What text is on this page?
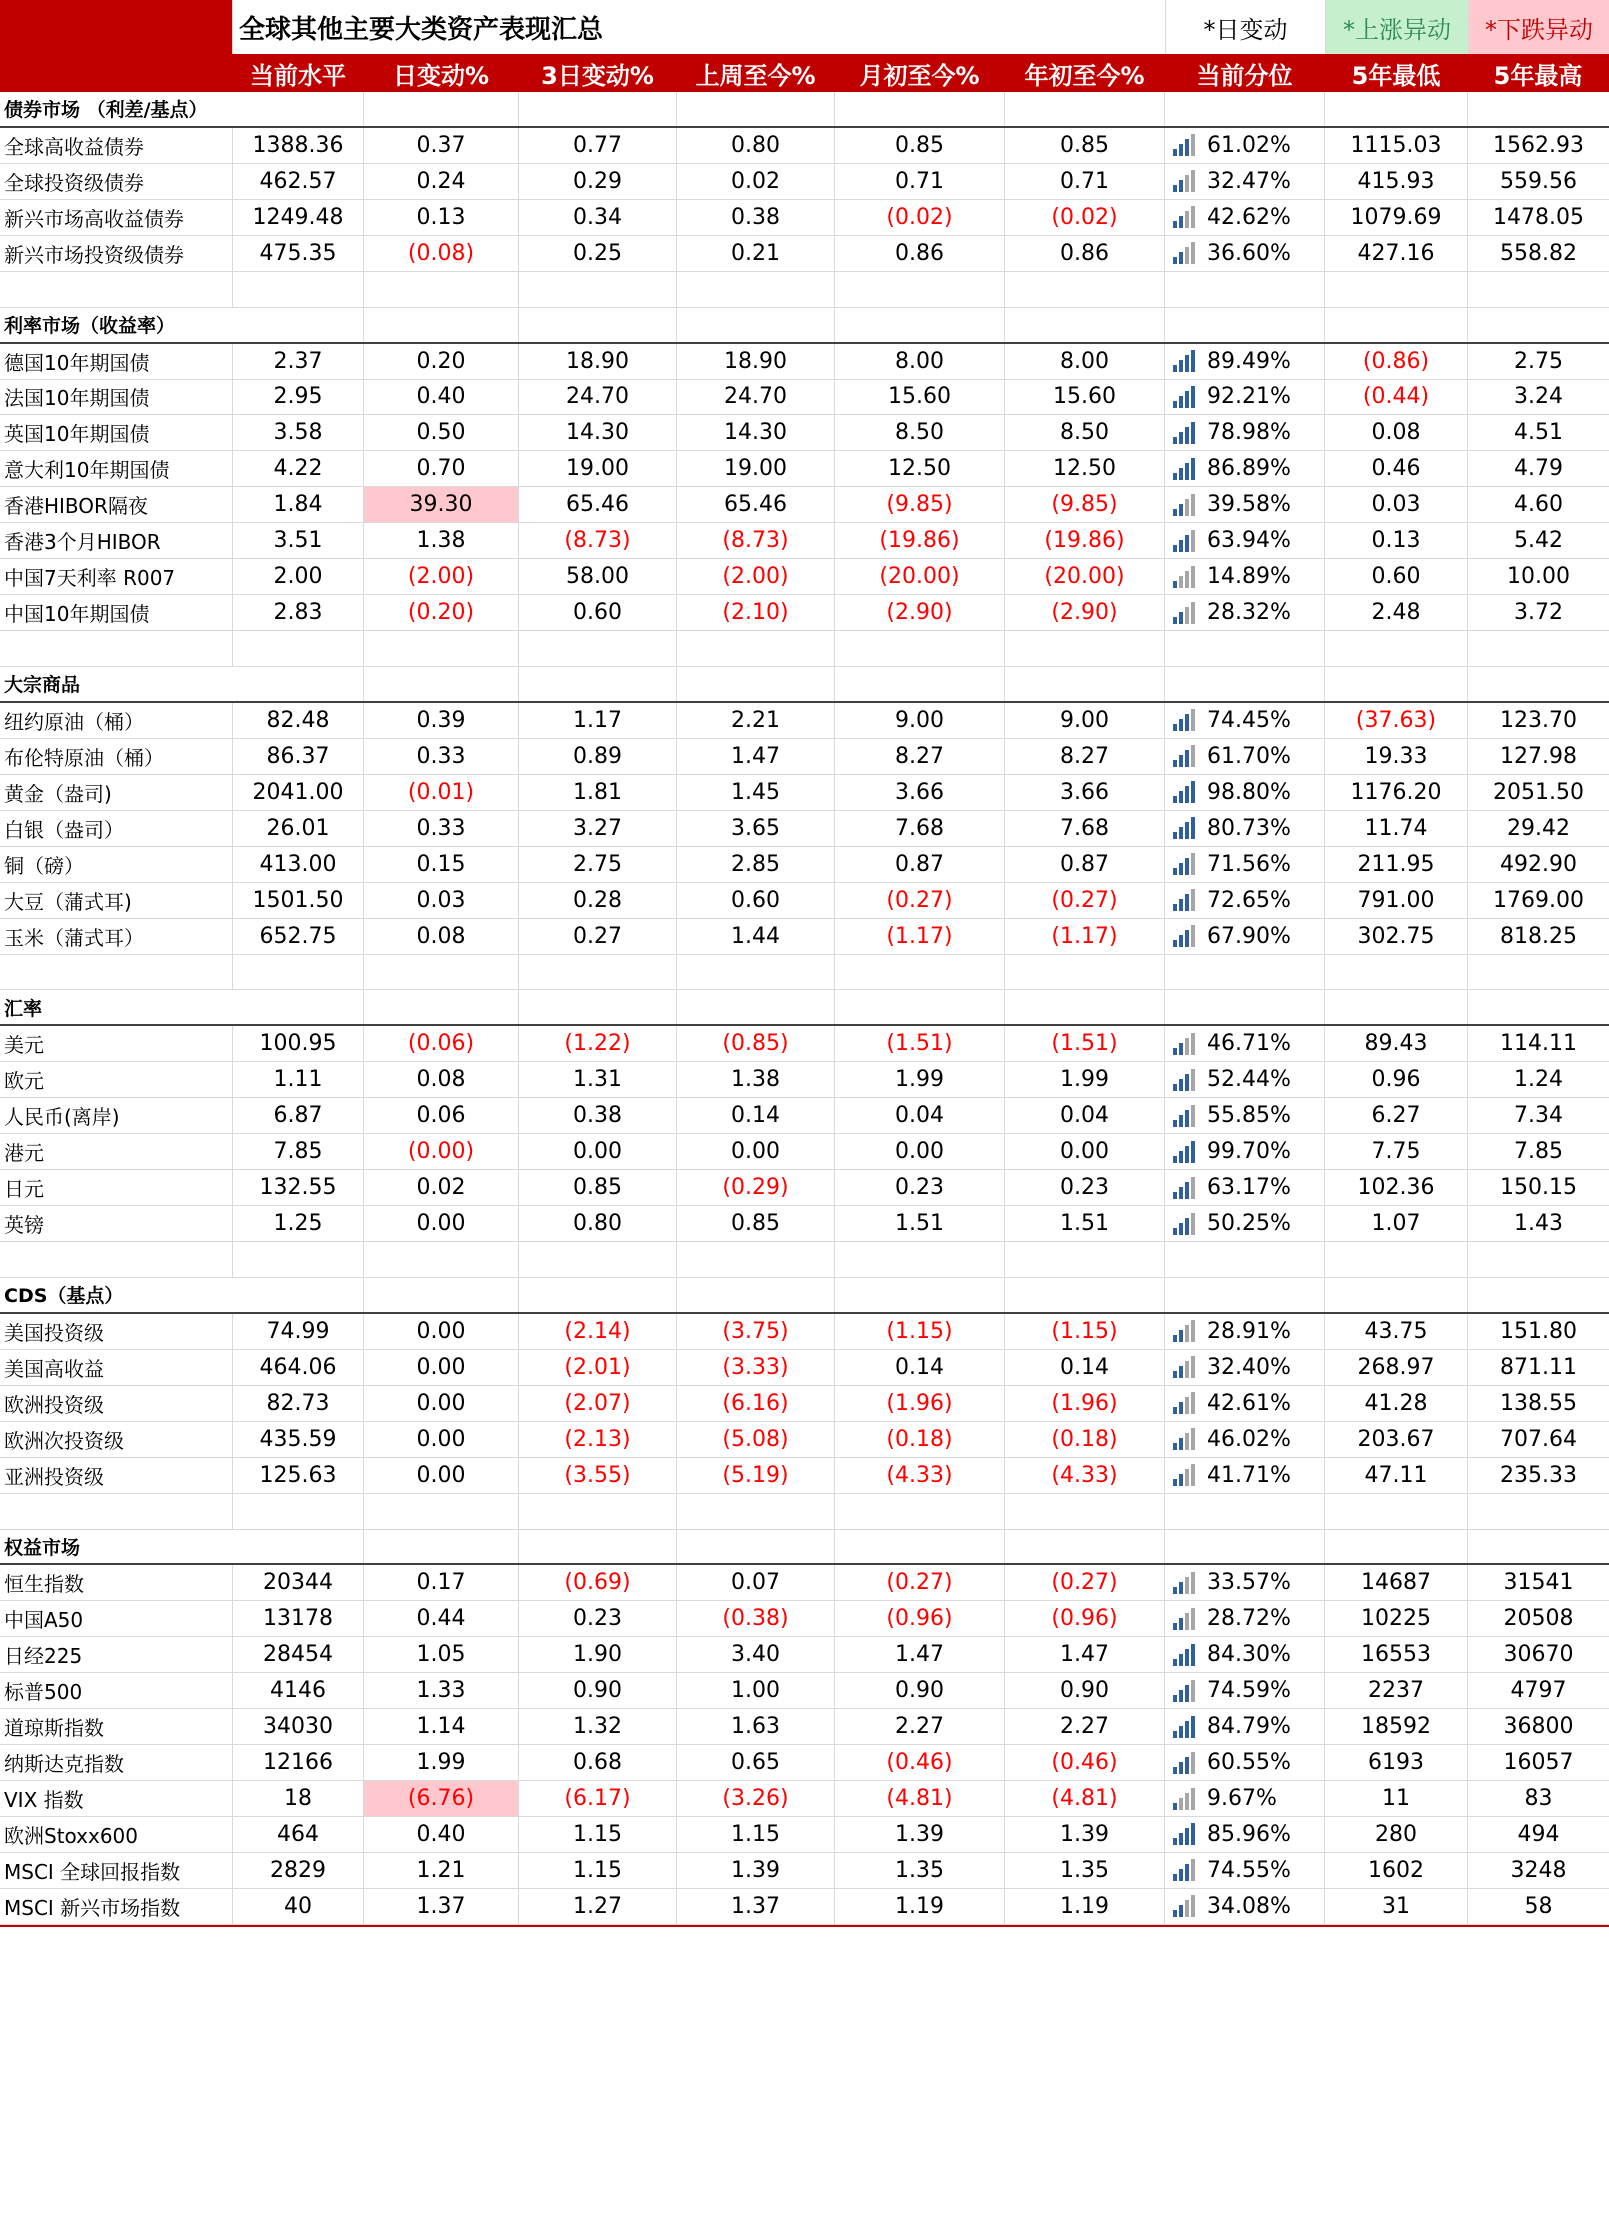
全球其他主要大类资产表现汇总	*日变动	*上涨异动	*下跌异动
当前水平	日变动%	3日变动%	上周至今%	月初至今%	年初至今%	当前分位	5年最低	5年最高
债券市场 （利差/基点）
全球高收益债券	1388.36	0.37	0.77	0.80	0.85	0.85	61.02%	1115.03	1562.93
全球投资级债券	462.57	0.24	0.29	0.02	0.71	0.71	32.47%	415.93	559.56
新兴市场高收益债券	1249.48	0.13	0.34	0.38	(0.02)	(0.02)	42.62%	1079.69	1478.05
新兴市场投资级债券	475.35	(0.08)	0.25	0.21	0.86	0.86	36.60%	427.16	558.82
利率市场（收益率）
德国10年期国债	2.37	0.20	18.90	18.90	8.00	8.00	89.49%	(0.86)	2.75
法国10年期国债	2.95	0.40	24.70	24.70	15.60	15.60	92.21%	(0.44)	3.24
英国10年期国债	3.58	0.50	14.30	14.30	8.50	8.50	78.98%	0.08	4.51
意大利10年期国债	4.22	0.70	19.00	19.00	12.50	12.50	86.89%	0.46	4.79
香港HIBOR隔夜	1.84	39.30	65.46	65.46	(9.85)	(9.85)	39.58%	0.03	4.60
香港3个月HIBOR	3.51	1.38	(8.73)	(8.73)	(19.86)	(19.86)	63.94%	0.13	5.42
中国7天利率 R007	2.00	(2.00)	58.00	(2.00)	(20.00)	(20.00)	14.89%	0.60	10.00
中国10年期国债	2.83	(0.20)	0.60	(2.10)	(2.90)	(2.90)	28.32%	2.48	3.72
大宗商品
纽约原油（桶）	82.48	0.39	1.17	2.21	9.00	9.00	74.45%	(37.63)	123.70
布伦特原油（桶）	86.37	0.33	0.89	1.47	8.27	8.27	61.70%	19.33	127.98
黄金（盎司)	2041.00	(0.01)	1.81	1.45	3.66	3.66	98.80%	1176.20	2051.50
白银（盎司）	26.01	0.33	3.27	3.65	7.68	7.68	80.73%	11.74	29.42
铜（磅）	413.00	0.15	2.75	2.85	0.87	0.87	71.56%	211.95	492.90
大豆（蒲式耳)	1501.50	0.03	0.28	0.60	(0.27)	(0.27)	72.65%	791.00	1769.00
玉米（蒲式耳）	652.75	0.08	0.27	1.44	(1.17)	(1.17)	67.90%	302.75	818.25
汇率
美元	100.95	(0.06)	(1.22)	(0.85)	(1.51)	(1.51)	46.71%	89.43	114.11
欧元	1.11	0.08	1.31	1.38	1.99	1.99	52.44%	0.96	1.24
人民币(离岸)	6.87	0.06	0.38	0.14	0.04	0.04	55.85%	6.27	7.34
港元	7.85	(0.00)	0.00	0.00	0.00	0.00	99.70%	7.75	7.85
日元	132.55	0.02	0.85	(0.29)	0.23	0.23	63.17%	102.36	150.15
英镑	1.25	0.00	0.80	0.85	1.51	1.51	50.25%	1.07	1.43
CDS（基点）
美国投资级	74.99	0.00	(2.14)	(3.75)	(1.15)	(1.15)	28.91%	43.75	151.80
美国高收益	464.06	0.00	(2.01)	(3.33)	0.14	0.14	32.40%	268.97	871.11
欧洲投资级	82.73	0.00	(2.07)	(6.16)	(1.96)	(1.96)	42.61%	41.28	138.55
欧洲次投资级	435.59	0.00	(2.13)	(5.08)	(0.18)	(0.18)	46.02%	203.67	707.64
亚洲投资级	125.63	0.00	(3.55)	(5.19)	(4.33)	(4.33)	41.71%	47.11	235.33
权益市场
恒生指数	20344	0.17	(0.69)	0.07	(0.27)	(0.27)	33.57%	14687	31541
中国A50	13178	0.44	0.23	(0.38)	(0.96)	(0.96)	28.72%	10225	20508
日经225	28454	1.05	1.90	3.40	1.47	1.47	84.30%	16553	30670
标普500	4146	1.33	0.90	1.00	0.90	0.90	74.59%	2237	4797
道琼斯指数	34030	1.14	1.32	1.63	2.27	2.27	84.79%	18592	36800
纳斯达克指数	12166	1.99	0.68	0.65	(0.46)	(0.46)	60.55%	6193	16057
VIX 指数	18	(6.76)	(6.17)	(3.26)	(4.81)	(4.81)	9.67%	11	83
欧洲Stoxx600	464	0.40	1.15	1.15	1.39	1.39	85.96%	280	494
MSCI 全球回报指数	2829	1.21	1.15	1.39	1.35	1.35	74.55%	1602	3248
MSCI 新兴市场指数	40	1.37	1.27	1.37	1.19	1.19	34.08%	31	58
